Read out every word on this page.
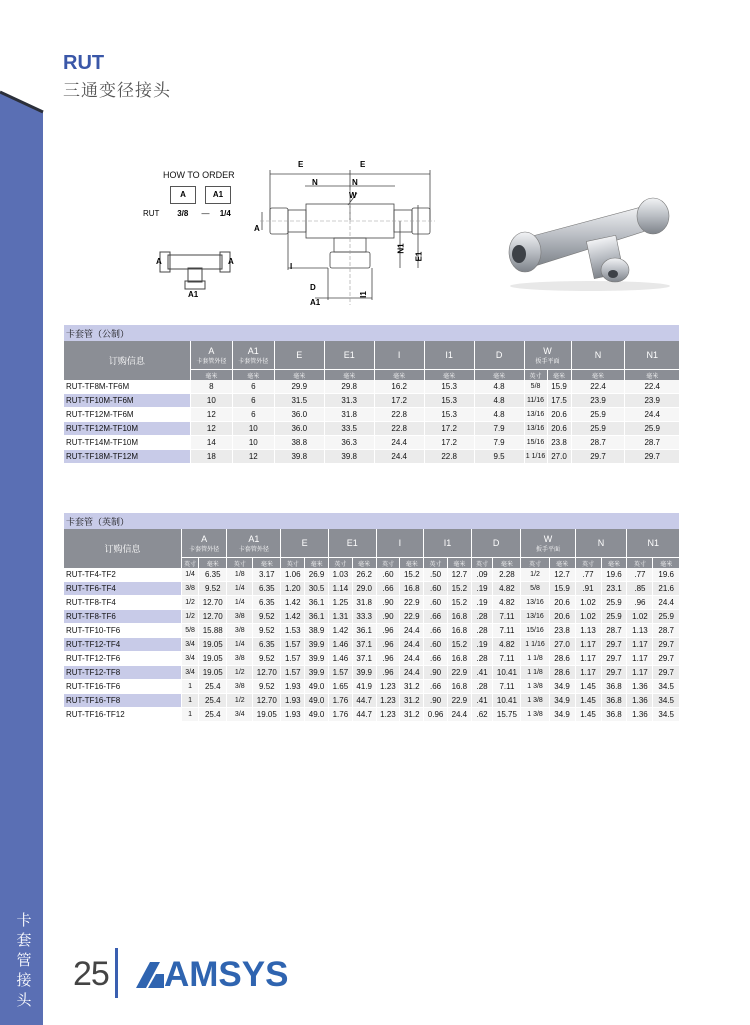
卡套管接头
RUT
三通变径接头
HOW TO ORDER
A	A1
RUT 3/8 — 1/4
A	A
A1
E	E
N	N
W
A
I
N1
E1
D
A1
I1
卡套管（公制）											
订购信息	A
卡套管外径	A1
卡套管外径	E	E1	I	I1	D	W
扳手平面		N	N1
	毫米	毫米	毫米	毫米	毫米	毫米	毫米	英寸	毫米	毫米	毫米
RUT-TF8M-TF6M	8	6	29.9	29.8	16.2	15.3	4.8	5/8	15.9	22.4	22.4
RUT-TF10M-TF6M	10	6	31.5	31.3	17.2	15.3	4.8	11/16	17.5	23.9	23.9
RUT-TF12M-TF6M	12	6	36.0	31.8	22.8	15.3	4.8	13/16	20.6	25.9	24.4
RUT-TF12M-TF10M	12	10	36.0	33.5	22.8	17.2	7.9	13/16	20.6	25.9	25.9
RUT-TF14M-TF10M	14	10	38.8	36.3	24.4	17.2	7.9	15/16	23.8	28.7	28.7
RUT-TF18M-TF12M	18	12	39.8	39.8	24.4	22.8	9.5	1 1/16	27.0	29.7	29.7
卡套管（英制）																				
订购信息	A
卡套管外径		A1
卡套管外径		E		E1		I		I1		D		W
扳手平面		N		N1	
	英寸	毫米	英寸	毫米	英寸	毫米	英寸	毫米	英寸	毫米	英寸	毫米	英寸	毫米	英寸	毫米	英寸	毫米	英寸	毫米
RUT-TF4-TF2	1/4	6.35	1/8	3.17	1.06	26.9	1.03	26.2	.60	15.2	.50	12.7	.09	2.28	1/2	12.7	.77	19.6	.77	19.6
RUT-TF6-TF4	3/8	9.52	1/4	6.35	1.20	30.5	1.14	29.0	.66	16.8	.60	15.2	.19	4.82	5/8	15.9	.91	23.1	.85	21.6
RUT-TF8-TF4	1/2	12.70	1/4	6.35	1.42	36.1	1.25	31.8	.90	22.9	.60	15.2	.19	4.82	13/16	20.6	1.02	25.9	.96	24.4
RUT-TF8-TF6	1/2	12.70	3/8	9.52	1.42	36.1	1.31	33.3	.90	22.9	.66	16.8	.28	7.11	13/16	20.6	1.02	25.9	1.02	25.9
RUT-TF10-TF6	5/8	15.88	3/8	9.52	1.53	38.9	1.42	36.1	.96	24.4	.66	16.8	.28	7.11	15/16	23.8	1.13	28.7	1.13	28.7
RUT-TF12-TF4	3/4	19.05	1/4	6.35	1.57	39.9	1.46	37.1	.96	24.4	.60	15.2	.19	4.82	1 1/16	27.0	1.17	29.7	1.17	29.7
RUT-TF12-TF6	3/4	19.05	3/8	9.52	1.57	39.9	1.46	37.1	.96	24.4	.66	16.8	.28	7.11	1 1/8	28.6	1.17	29.7	1.17	29.7
RUT-TF12-TF8	3/4	19.05	1/2	12.70	1.57	39.9	1.57	39.9	.96	24.4	.90	22.9	.41	10.41	1 1/8	28.6	1.17	29.7	1.17	29.7
RUT-TF16-TF6	1	25.4	3/8	9.52	1.93	49.0	1.65	41.9	1.23	31.2	.66	16.8	.28	7.11	1 3/8	34.9	1.45	36.8	1.36	34.5
RUT-TF16-TF8	1	25.4	1/2	12.70	1.93	49.0	1.76	44.7	1.23	31.2	.90	22.9	.41	10.41	1 3/8	34.9	1.45	36.8	1.36	34.5
RUT-TF16-TF12	1	25.4	3/4	19.05	1.93	49.0	1.76	44.7	1.23	31.2	0.96	24.4	.62	15.75	1 3/8	34.9	1.45	36.8	1.36	34.5
25 AMSYS
